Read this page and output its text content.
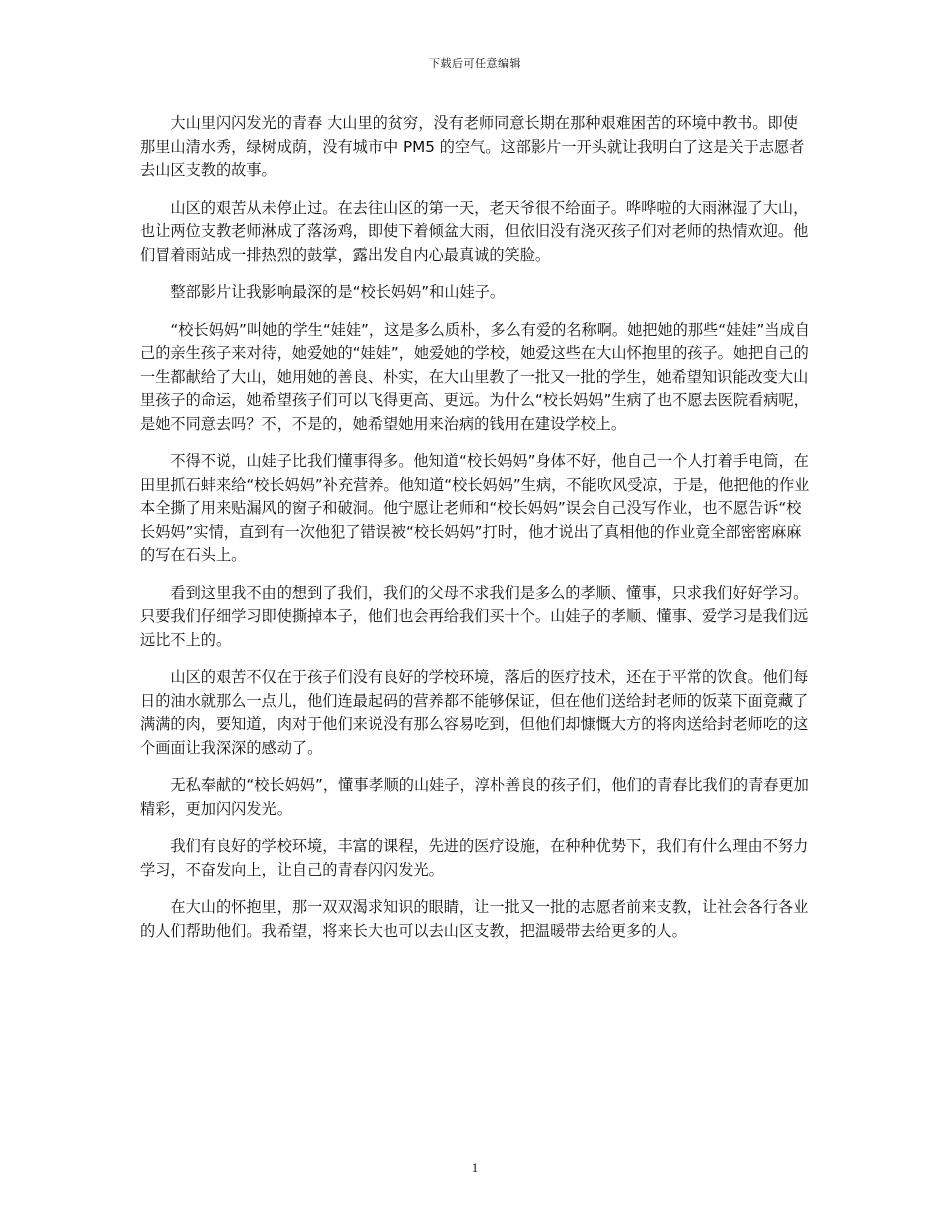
下载后可任意编辑

大山里闪闪发光的青春 大山里的贫穷，没有老师同意长期在那种艰难困苦的环境中教书。即使那里山清水秀，绿树成荫，没有城市中 PM5 的空气。这部影片一开头就让我明白了这是关于志愿者去山区支教的故事。

山区的艰苦从未停止过。在去往山区的第一天，老天爷很不给面子。哗哗啦的大雨淋湿了大山，也让两位支教老师淋成了落汤鸡，即使下着倾盆大雨，但依旧没有浇灭孩子们对老师的热情欢迎。他们冒着雨站成一排热烈的鼓掌，露出发自内心最真诚的笑脸。

整部影片让我影响最深的是“校长妈妈”和山娃子。

“校长妈妈”叫她的学生“娃娃”，这是多么质朴，多么有爱的名称啊。她把她的那些“娃娃”当成自己的亲生孩子来对待，她爱她的“娃娃”，她爱她的学校，她爱这些在大山怀抱里的孩子。她把自己的一生都献给了大山，她用她的善良、朴实，在大山里教了一批又一批的学生，她希望知识能改变大山里孩子的命运，她希望孩子们可以飞得更高、更远。为什么“校长妈妈”生病了也不愿去医院看病呢，是她不同意去吗？不，不是的，她希望她用来治病的钱用在建设学校上。

不得不说，山娃子比我们懂事得多。他知道“校长妈妈”身体不好，他自己一个人打着手电筒，在田里抓石蚌来给“校长妈妈”补充营养。他知道“校长妈妈”生病，不能吹风受凉，于是，他把他的作业本全撕了用来贴漏风的窗子和破洞。他宁愿让老师和“校长妈妈”误会自己没写作业，也不愿告诉“校长妈妈”实情，直到有一次他犯了错误被“校长妈妈”打时，他才说出了真相他的作业竟全部密密麻麻的写在石头上。

看到这里我不由的想到了我们，我们的父母不求我们是多么的孝顺、懂事，只求我们好好学习。只要我们仔细学习即使撕掉本子，他们也会再给我们买十个。山娃子的孝顺、懂事、爱学习是我们远远比不上的。

山区的艰苦不仅在于孩子们没有良好的学校环境，落后的医疗技术，还在于平常的饮食。他们每日的油水就那么一点儿，他们连最起码的营养都不能够保证，但在他们送给封老师的饭菜下面竟藏了满满的肉，要知道，肉对于他们来说没有那么容易吃到，但他们却慷慨大方的将肉送给封老师吃的这个画面让我深深的感动了。

无私奉献的“校长妈妈”，懂事孝顺的山娃子，淳朴善良的孩子们，他们的青春比我们的青春更加精彩，更加闪闪发光。

我们有良好的学校环境，丰富的课程，先进的医疗设施，在种种优势下，我们有什么理由不努力学习，不奋发向上，让自己的青春闪闪发光。

在大山的怀抱里，那一双双渴求知识的眼睛，让一批又一批的志愿者前来支教，让社会各行各业的人们帮助他们。我希望，将来长大也可以去山区支教，把温暖带去给更多的人。

1
